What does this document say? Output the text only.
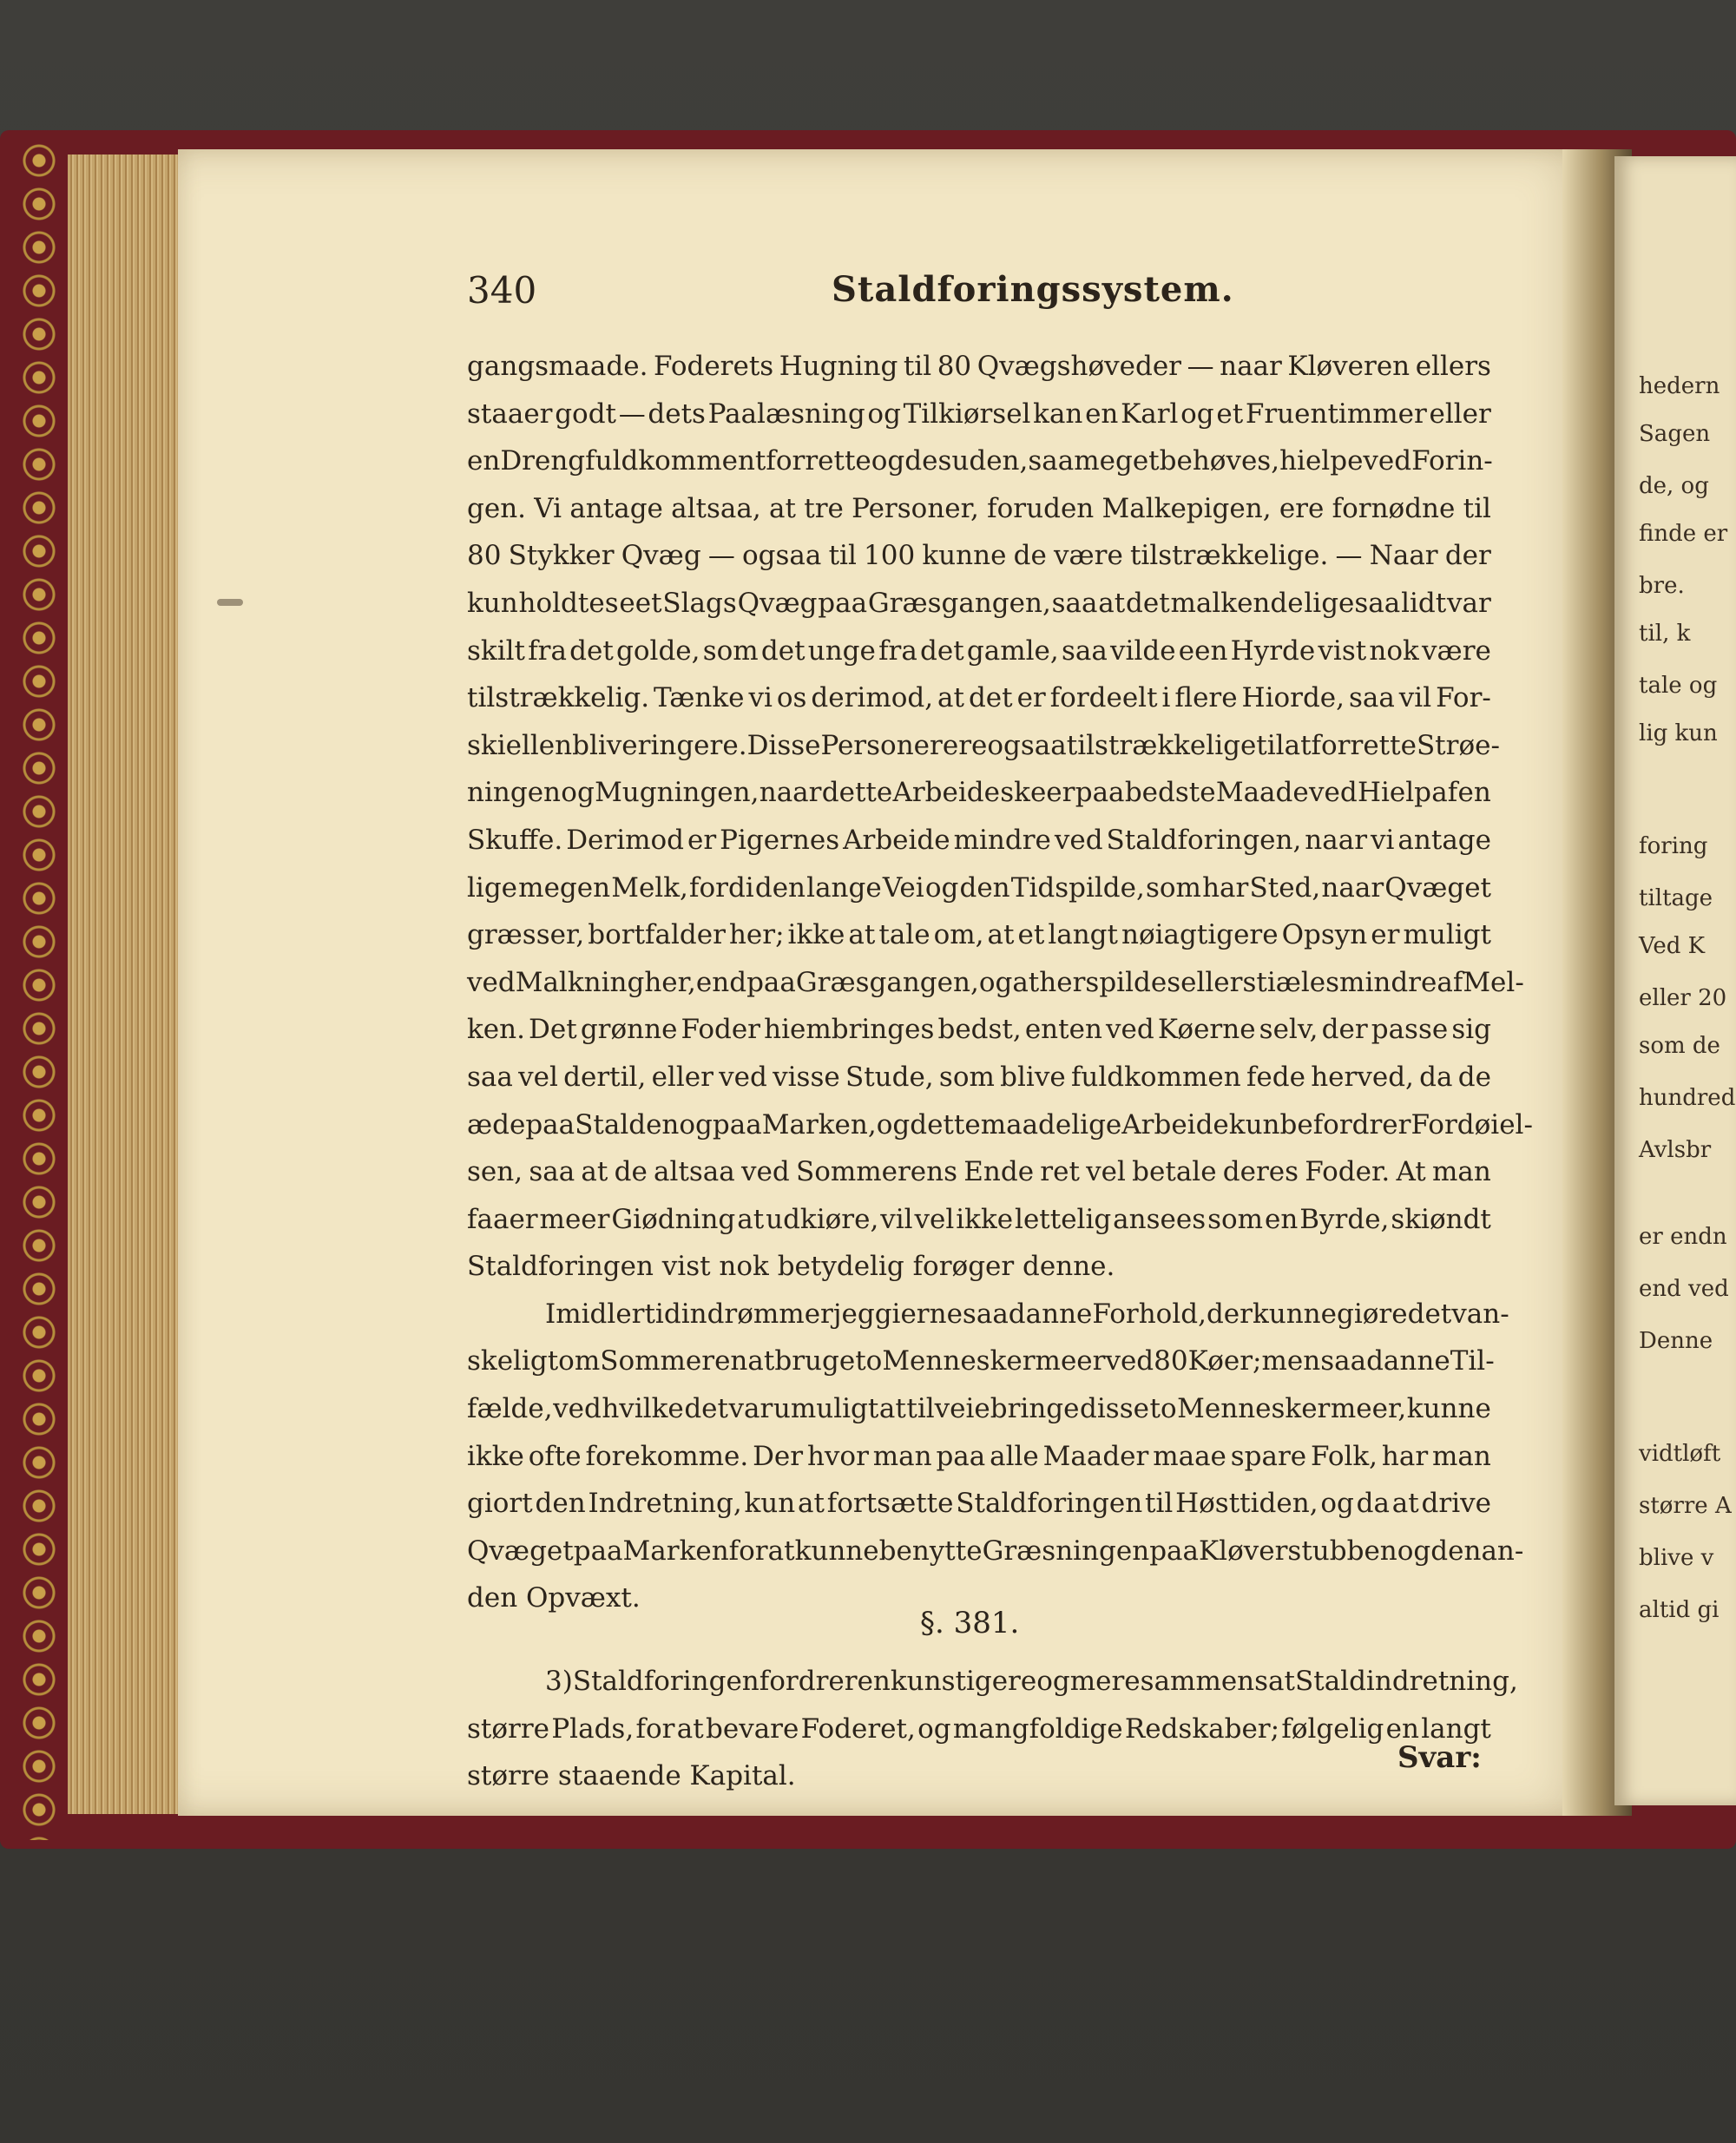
340	Staldforingssystem.
gangsmaade. Foderets Hugning til 80 Qvægshøveder — naar Kløveren ellers
staaer godt — dets Paalæsning og Tilkiørsel kan en Karl og et Fruentimmer eller
en Dreng fuldkomment forrette og desuden, saa meget behøves, hielpe ved Forin-
gen. Vi antage altsaa, at tre Personer, foruden Malkepigen, ere fornødne til
80 Stykker Qvæg — ogsaa til 100 kunne de være tilstrækkelige. — Naar der
kun holdtes eet Slags Qvæg paa Græsgangen, saa at det malkende ligesaa lidt var
skilt fra det golde, som det unge fra det gamle, saa vilde een Hyrde vist nok være
tilstrækkelig. Tænke vi os derimod, at det er fordeelt i flere Hiorde, saa vil For-
skiellen blive ringere. Disse Personer ere ogsaa tilstrækkelige til at forrette Strøe-
ningen og Mugningen, naar dette Arbeide skeer paa bedste Maade ved Hielp af en
Skuffe. Derimod er Pigernes Arbeide mindre ved Staldforingen, naar vi antage
lige megen Melk, fordi den lange Vei og den Tidspilde, som har Sted, naar Qvæget
græsser, bortfalder her; ikke at tale om, at et langt nøiagtigere Opsyn er muligt
ved Malkning her, end paa Græsgangen, og at her spildes eller stiæles mindre af Mel-
ken. Det grønne Foder hiembringes bedst, enten ved Køerne selv, der passe sig
saa vel dertil, eller ved visse Stude, som blive fuldkommen fede herved, da de
æde paa Stalden og paa Marken, og dette maadelige Arbeide kun befordrer Fordøiel-
sen, saa at de altsaa ved Sommerens Ende ret vel betale deres Foder. At man
faaer meer Giødning at udkiøre, vil vel ikke lettelig ansees som en Byrde, skiøndt
Staldforingen vist nok betydelig forøger denne.
Imidlertid indrømmer jeg gierne saadanne Forhold, der kunne giøre det van-
skeligt om Sommeren at bruge to Mennesker meer ved 80 Køer; men saadanne Til-
fælde, ved hvilke det var umuligt at tilveiebringe disse to Mennesker meer, kunne
ikke ofte forekomme. Der hvor man paa alle Maader maae spare Folk, har man
giort den Indretning, kun at fortsætte Staldforingen til Høsttiden, og da at drive
Qvæget paa Marken for at kunne benytte Græsningen paa Kløverstubben og den an-
den Opvæxt.
§. 381.
3) Staldforingen fordrer en kunstigere og mere sammensat Staldindretning,
større Plads, for at bevare Foderet, og mangfoldige Redskaber; følgelig en langt
større staaende Kapital.
Svar:
hedern
Sagen
de, og
finde er
bre.
til, k
tale og
lig kun
foring
tiltage
Ved K
eller 20
som de
hundred
Avlsbr
er endn
end ved
Denne
vidtløft
større A
blive v
altid gi
